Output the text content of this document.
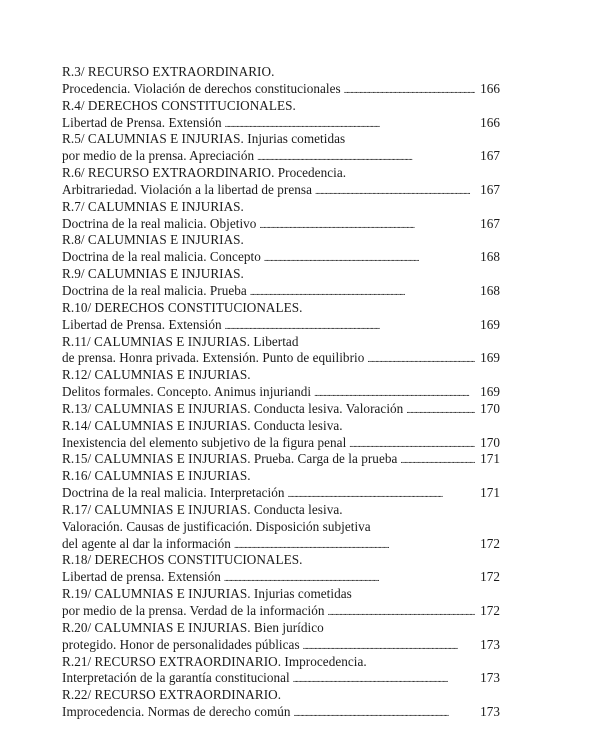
R.3/ RECURSO EXTRAORDINARIO.
Procedencia. Violación de derechos constitucionales . . .	166
R.4/ DERECHOS CONSTITUCIONALES.
Libertad de Prensa. Extensión . . .	166
R.5/ CALUMNIAS E INJURIAS. Injurias cometidas
por medio de la prensa. Apreciación . . .	167
R.6/ RECURSO EXTRAORDINARIO. Procedencia.
Arbitrariedad. Violación a la libertad de prensa . . .	167
R.7/ CALUMNIAS E INJURIAS.
Doctrina de la real malicia. Objetivo . . .	167
R.8/ CALUMNIAS E INJURIAS.
Doctrina de la real malicia. Concepto . . .	168
R.9/ CALUMNIAS E INJURIAS.
Doctrina de la real malicia. Prueba . . .	168
R.10/ DERECHOS CONSTITUCIONALES.
Libertad de Prensa. Extensión . . .	169
R.11/ CALUMNIAS E INJURIAS. Libertad
de prensa. Honra privada. Extensión. Punto de equilibrio . . .	169
R.12/ CALUMNIAS E INJURIAS.
Delitos formales. Concepto. Animus injuriandi . . .	169
R.13/ CALUMNIAS E INJURIAS. Conducta lesiva. Valoración . . .	170
R.14/ CALUMNIAS E INJURIAS. Conducta lesiva.
Inexistencia del elemento subjetivo de la figura penal . . .	170
R.15/ CALUMNIAS E INJURIAS. Prueba. Carga de la prueba . . .	171
R.16/ CALUMNIAS E INJURIAS.
Doctrina de la real malicia. Interpretación . . .	171
R.17/ CALUMNIAS E INJURIAS. Conducta lesiva.
Valoración. Causas de justificación. Disposición subjetiva
del agente al dar la información . . .	172
R.18/ DERECHOS CONSTITUCIONALES.
Libertad de prensa. Extensión . . .	172
R.19/ CALUMNIAS E INJURIAS. Injurias cometidas
por medio de la prensa. Verdad de la información . . .	172
R.20/ CALUMNIAS E INJURIAS. Bien jurídico
protegido. Honor de personalidades públicas . . .	173
R.21/ RECURSO EXTRAORDINARIO. Improcedencia.
Interpretación de la garantía constitucional . . .	173
R.22/ RECURSO EXTRAORDINARIO.
Improcedencia. Normas de derecho común . . .	173
